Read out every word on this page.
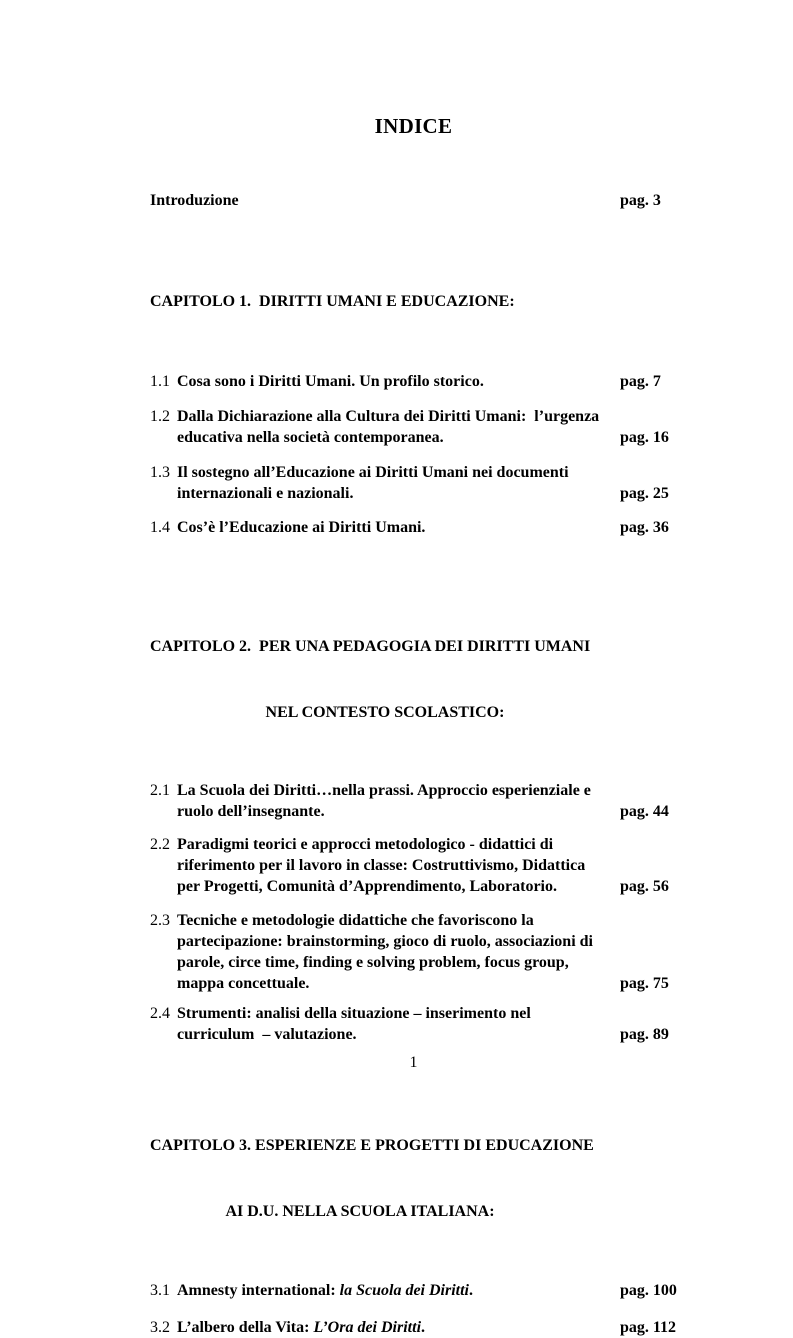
INDICE
Introduzione	pag. 3

CAPITOLO 1.  DIRITTI UMANI E EDUCAZIONE:

1.1 Cosa sono i Diritti Umani. Un profilo storico.	pag. 7
1.2 Dalla Dichiarazione alla Cultura dei Diritti Umani:  l’urgenza
educativa nella società contemporanea.	pag. 16
1.3 Il sostegno all’Educazione ai Diritti Umani nei documenti
internazionali e nazionali.	pag. 25
1.4 Cos’è l’Educazione ai Diritti Umani.	pag. 36

CAPITOLO 2.  PER UNA PEDAGOGIA DEI DIRITTI UMANI

NEL CONTESTO SCOLASTICO:

2.1 La Scuola dei Diritti…nella prassi. Approccio esperienziale e
ruolo dell’insegnante.	pag. 44
2.2 Paradigmi teorici e approcci metodologico - didattici di
riferimento per il lavoro in classe: Costruttivismo, Didattica
per Progetti, Comunità d’Apprendimento, Laboratorio.	pag. 56
2.3 Tecniche e metodologie didattiche che favoriscono la
partecipazione: brainstorming, gioco di ruolo, associazioni di
parole, circe time, finding e solving problem, focus group,
mappa concettuale.	pag. 75
2.4 Strumenti: analisi della situazione – inserimento nel
curriculum  – valutazione.	pag. 89

CAPITOLO 3. ESPERIENZE E PROGETTI DI EDUCAZIONE

AI D.U. NELLA SCUOLA ITALIANA:

3.1 Amnesty international: la Scuola dei Diritti.	pag. 100
3.2 L’albero della Vita: L’Ora dei Diritti.	pag. 112
1
